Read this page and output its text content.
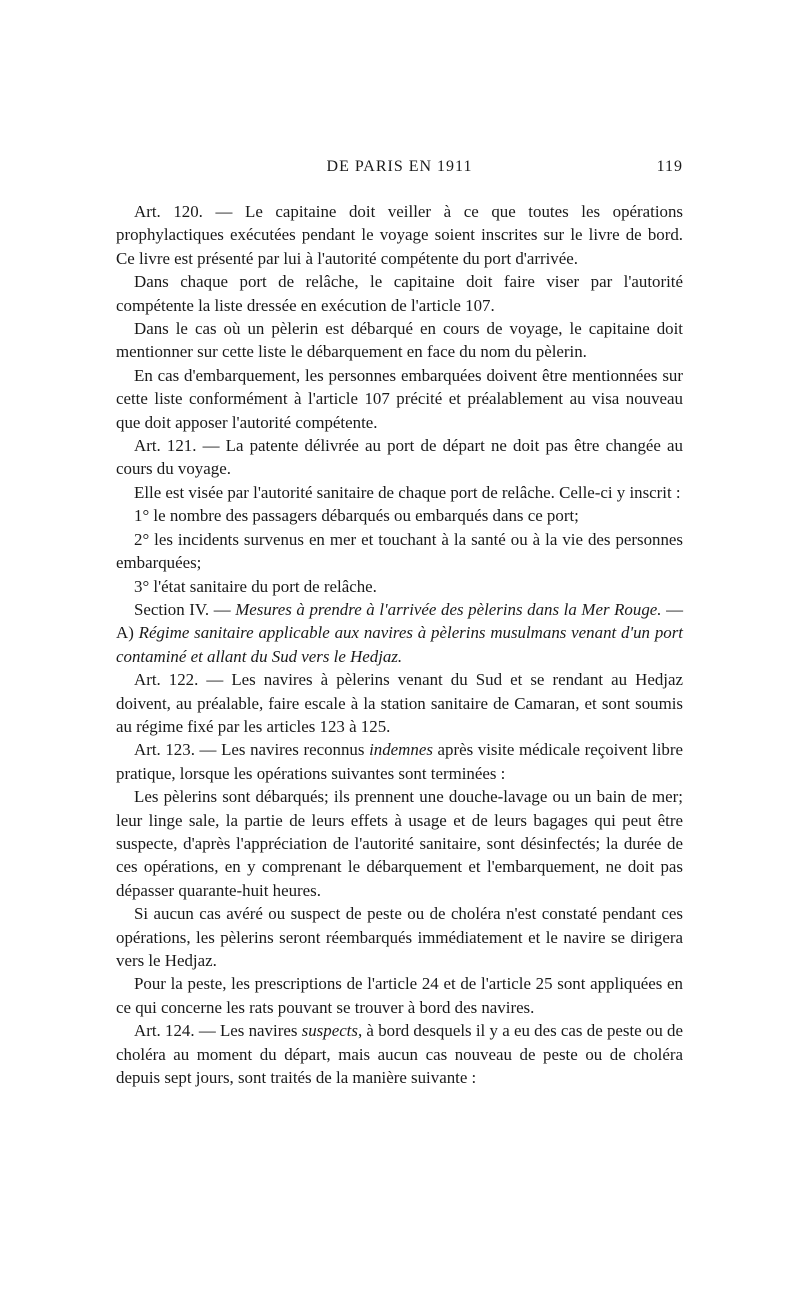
DE PARIS EN 1911	119

Art. 120. — Le capitaine doit veiller à ce que toutes les opérations prophylactiques exécutées pendant le voyage soient inscrites sur le livre de bord. Ce livre est présenté par lui à l'autorité compétente du port d'arrivée.

Dans chaque port de relâche, le capitaine doit faire viser par l'autorité compétente la liste dressée en exécution de l'article 107.

Dans le cas où un pèlerin est débarqué en cours de voyage, le capitaine doit mentionner sur cette liste le débarquement en face du nom du pèlerin.

En cas d'embarquement, les personnes embarquées doivent être mentionnées sur cette liste conformément à l'article 107 précité et préalablement au visa nouveau que doit apposer l'autorité compétente.

Art. 121. — La patente délivrée au port de départ ne doit pas être changée au cours du voyage.

Elle est visée par l'autorité sanitaire de chaque port de relâche. Celle-ci y inscrit :

1° le nombre des passagers débarqués ou embarqués dans ce port;

2° les incidents survenus en mer et touchant à la santé ou à la vie des personnes embarquées;

3° l'état sanitaire du port de relâche.

Section IV. — Mesures à prendre à l'arrivée des pèlerins dans la Mer Rouge. — A) Régime sanitaire applicable aux navires à pèlerins musulmans venant d'un port contaminé et allant du Sud vers le Hedjaz.

Art. 122. — Les navires à pèlerins venant du Sud et se rendant au Hedjaz doivent, au préalable, faire escale à la station sanitaire de Camaran, et sont soumis au régime fixé par les articles 123 à 125.

Art. 123. — Les navires reconnus indemnes après visite médicale reçoivent libre pratique, lorsque les opérations suivantes sont terminées :

Les pèlerins sont débarqués; ils prennent une douche-lavage ou un bain de mer; leur linge sale, la partie de leurs effets à usage et de leurs bagages qui peut être suspecte, d'après l'appréciation de l'autorité sanitaire, sont désinfectés; la durée de ces opérations, en y comprenant le débarquement et l'embarquement, ne doit pas dépasser quarante-huit heures.

Si aucun cas avéré ou suspect de peste ou de choléra n'est constaté pendant ces opérations, les pèlerins seront réembarqués immédiatement et le navire se dirigera vers le Hedjaz.

Pour la peste, les prescriptions de l'article 24 et de l'article 25 sont appliquées en ce qui concerne les rats pouvant se trouver à bord des navires.

Art. 124. — Les navires suspects, à bord desquels il y a eu des cas de peste ou de choléra au moment du départ, mais aucun cas nouveau de peste ou de choléra depuis sept jours, sont traités de la manière suivante :
